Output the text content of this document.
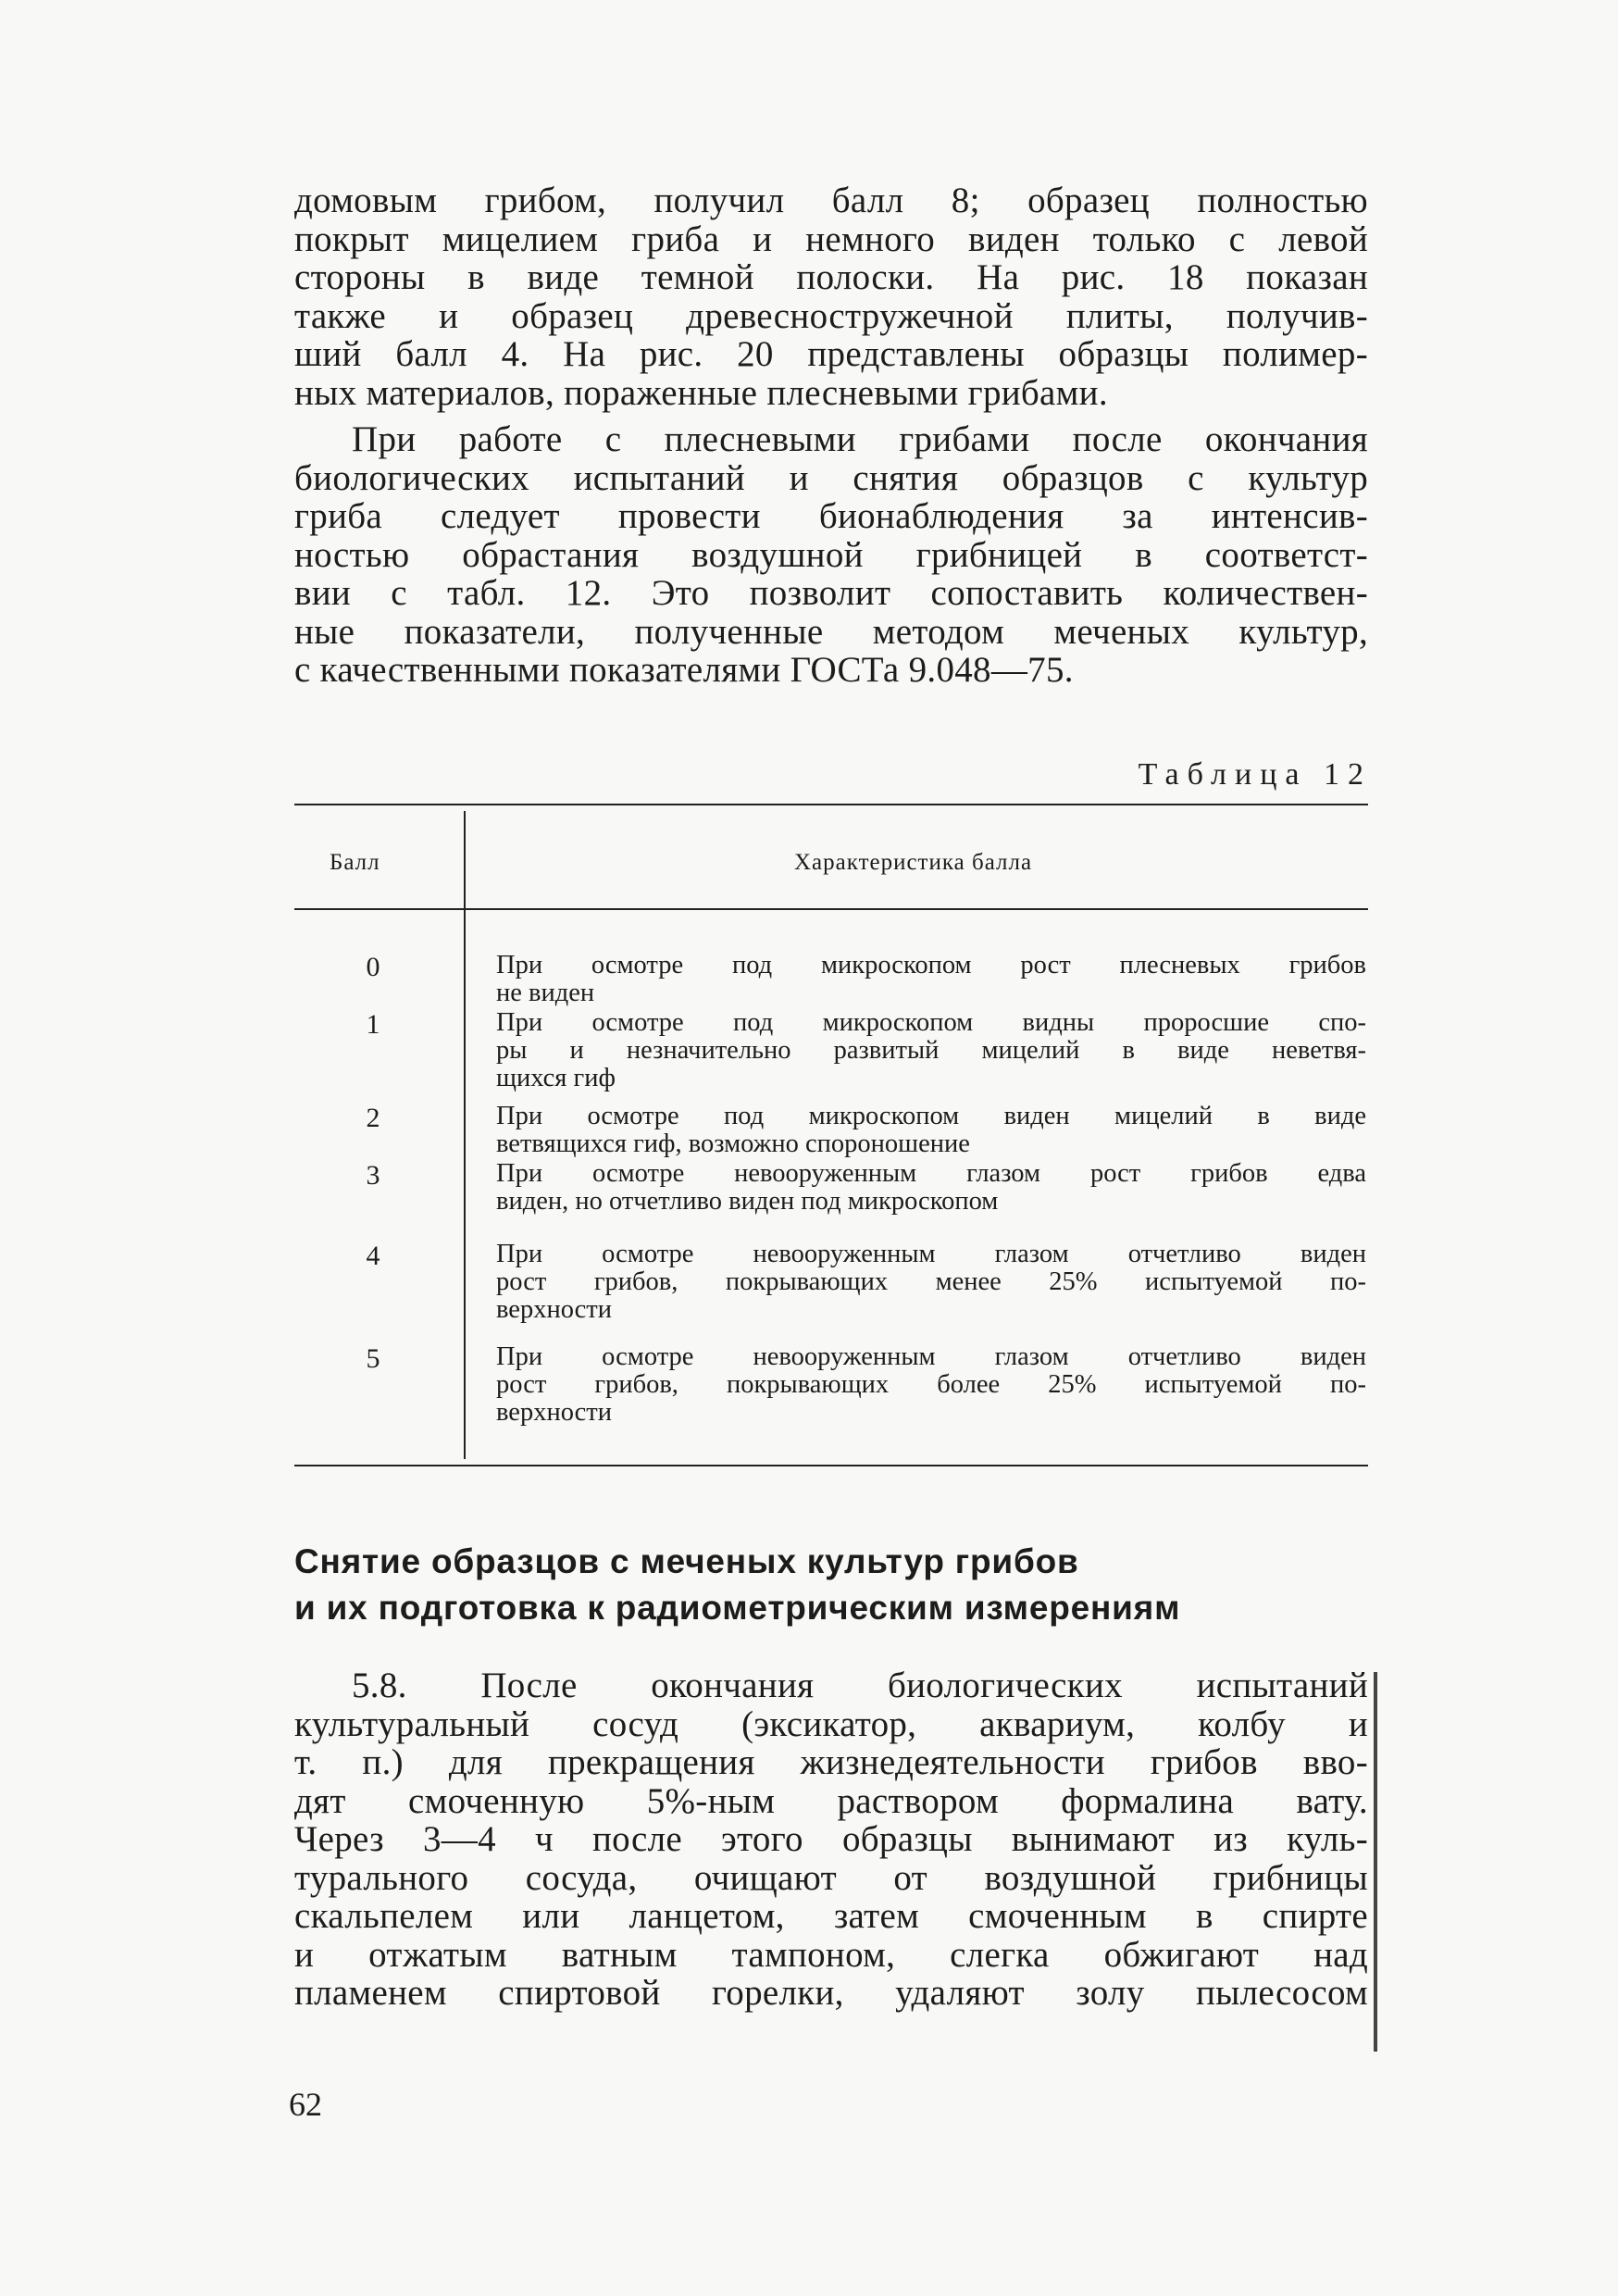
домовым грибом, получил балл 8; образец полностью
покрыт мицелием гриба и немного виден только с левой
стороны в виде темной полоски. На рис. 18 показан
также и образец древесностружечной плиты, получив-
ший балл 4. На рис. 20 представлены образцы полимер-
ных материалов, пораженные плесневыми грибами.
При работе с плесневыми грибами после окончания
биологических испытаний и снятия образцов с культур
гриба следует провести бионаблюдения за интенсив-
ностью обрастания воздушной грибницей в соответст-
вии с табл. 12. Это позволит сопоставить количествен-
ные показатели, полученные методом меченых культур,
с качественными показателями ГОСТа 9.048—75.
Таблица 12
Балл	Характеристика балла
0	При осмотре под микроскопом рост плесневых грибов
не виден
1	При осмотре под микроскопом видны проросшие спо-
ры и незначительно развитый мицелий в виде неветвя-
щихся гиф
2	При осмотре под микроскопом виден мицелий в виде
ветвящихся гиф, возможно спороношение
3	При осмотре невооруженным глазом рост грибов едва
виден, но отчетливо виден под микроскопом
4	При осмотре невооруженным глазом отчетливо виден
рост грибов, покрывающих менее 25% испытуемой по-
верхности
5	При осмотре невооруженным глазом отчетливо виден
рост грибов, покрывающих более 25% испытуемой по-
верхности
Снятие образцов с меченых культур грибов
и их подготовка к радиометрическим измерениям
5.8. После окончания биологических испытаний
культуральный сосуд (эксикатор, аквариум, колбу и
т. п.) для прекращения жизнедеятельности грибов вво-
дят смоченную 5%-ным раствором формалина вату.
Через 3—4 ч после этого образцы вынимают из куль-
турального сосуда, очищают от воздушной грибницы
скальпелем или ланцетом, затем смоченным в спирте
и отжатым ватным тампоном, слегка обжигают над
пламенем спиртовой горелки, удаляют золу пылесосом
62
